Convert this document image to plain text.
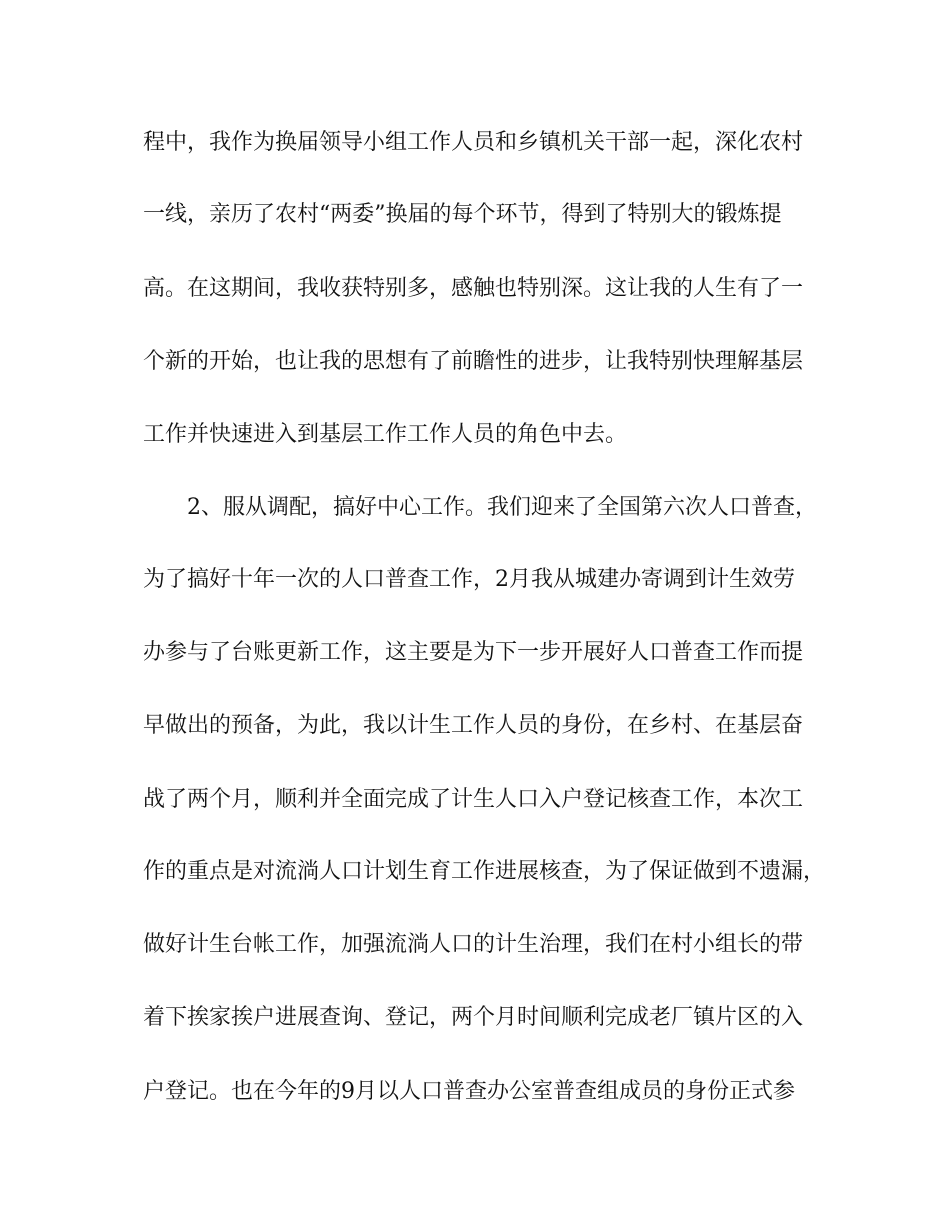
程中，我作为换届领导小组工作人员和乡镇机关干部一起，深化农村
一线，亲历了农村“两委”换届的每个环节，得到了特别大的锻炼提
高。在这期间，我收获特别多，感触也特别深。这让我的人生有了一
个新的开始，也让我的思想有了前瞻性的进步，让我特别快理解基层
工作并快速进入到基层工作工作人员的角色中去。
2、服从调配，搞好中心工作。我们迎来了全国第六次人口普查，
为了搞好十年一次的人口普查工作，2月我从城建办寄调到计生效劳
办参与了台账更新工作，这主要是为下一步开展好人口普查工作而提
早做出的预备，为此，我以计生工作人员的身份，在乡村、在基层奋
战了两个月，顺利并全面完成了计生人口入户登记核查工作，本次工
作的重点是对流淌人口计划生育工作进展核查，为了保证做到不遗漏，
做好计生台帐工作，加强流淌人口的计生治理，我们在村小组长的带
着下挨家挨户进展查询、登记，两个月时间顺利完成老厂镇片区的入
户登记。也在今年的9月以人口普查办公室普查组成员的身份正式参
